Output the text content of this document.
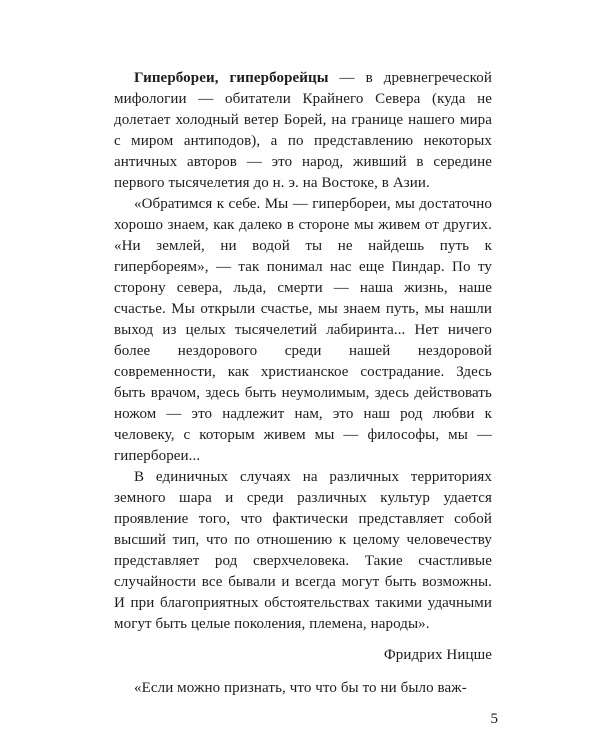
Гипербореи, гиперборейцы — в древнегреческой мифологии — обитатели Крайнего Севера (куда не долетает холодный ветер Борей, на границе нашего мира с миром антиподов), а по представлению некоторых античных авторов — это народ, живший в середине первого тысячелетия до н. э. на Востоке, в Азии.

«Обратимся к себе. Мы — гипербореи, мы достаточно хорошо знаем, как далеко в стороне мы живем от других. «Ни землей, ни водой ты не найдешь путь к гипербореям», — так понимал нас еще Пиндар. По ту сторону севера, льда, смерти — наша жизнь, наше счастье. Мы открыли счастье, мы знаем путь, мы нашли выход из целых тысячелетий лабиринта... Нет ничего более нездорового среди нашей нездоровой современности, как христианское сострадание. Здесь быть врачом, здесь быть неумолимым, здесь действовать ножом — это надлежит нам, это наш род любви к человеку, с которым живем мы — философы, мы — гипербореи...

В единичных случаях на различных территориях земного шара и среди различных культур удается проявление того, что фактически представляет собой высший тип, что по отношению к целому человечеству представляет род сверхчеловека. Такие счастливые случайности все бывали и всегда могут быть возможны. И при благоприятных обстоятельствах такими удачными могут быть целые поколения, племена, народы».

Фридрих Ницше

«Если можно признать, что что бы то ни было важ-

5
